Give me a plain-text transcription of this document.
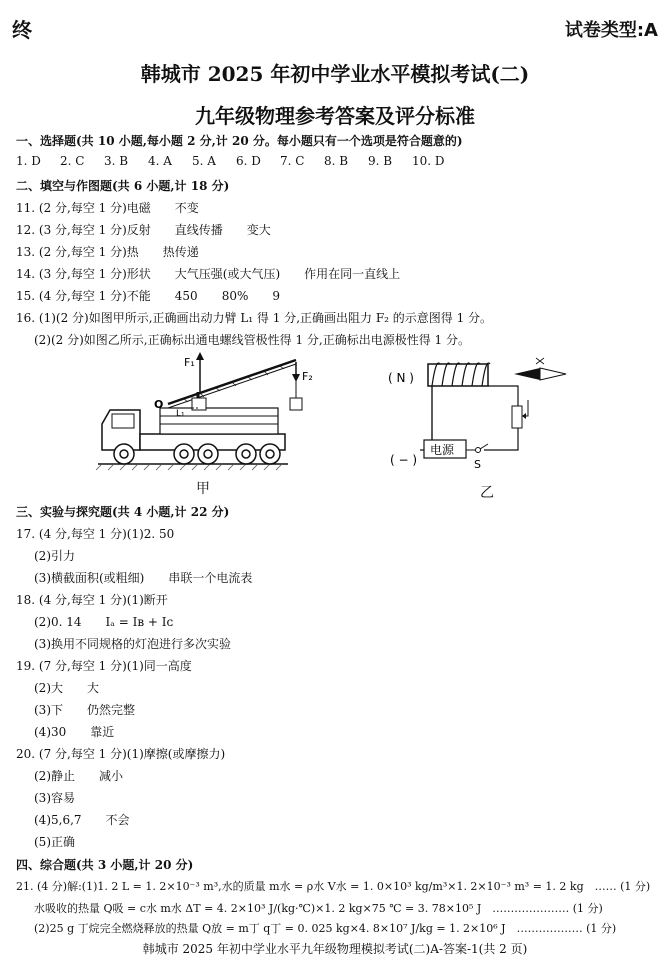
终	试卷类型:A
韩城市 2025 年初中学业水平模拟考试(二)
九年级物理参考答案及评分标准
一、选择题(共 10 小题,每小题 2 分,计 20 分。每小题只有一个选项是符合题意的)
1. D 2. C 3. B 4. A 5. A 6. D 7. C 8. B 9. B 10. D
二、填空与作图题(共 6 小题,计 18 分)
11. (2 分,每空 1 分)电磁　　不变
12. (3 分,每空 1 分)反射　　直线传播　　变大
13. (2 分,每空 1 分)热　　热传递
14. (3 分,每空 1 分)形状　　大气压强(或大气压)　　作用在同一直线上
15. (4 分,每空 1 分)不能　　450　　80%　　9
16. (1)(2 分)如图甲所示,正确画出动力臂 L₁ 得 1 分,正确画出阻力 F₂ 的示意图得 1 分。
(2)(2 分)如图乙所示,正确标出通电螺线管极性得 1 分,正确标出电源极性得 1 分。
F₁
F₂
O
L₁
电源
S
( N )
( − )
甲	乙
三、实验与探究题(共 4 小题,计 22 分)
17. (4 分,每空 1 分)(1)2. 50
(2)引力
(3)横截面积(或粗细)　　串联一个电流表
18. (4 分,每空 1 分)(1)断开
(2)0. 14　　Iₐ = Iʙ + Iᴄ
(3)换用不同规格的灯泡进行多次实验
19. (7 分,每空 1 分)(1)同一高度
(2)大　　大
(3)下　　仍然完整
(4)30　　靠近
20. (7 分,每空 1 分)(1)摩擦(或摩擦力)
(2)静止　　减小
(3)容易
(4)5,6,7　　不会
(5)正确
四、综合题(共 3 小题,计 20 分)
21. (4 分)解:(1)1. 2 L = 1. 2×10⁻³ m³,水的质量 m水 = ρ水 V水 = 1. 0×10³ kg/m³×1. 2×10⁻³ m³ = 1. 2 kg　…… (1 分)
水吸收的热量 Q吸 = c水 m水 ΔT = 4. 2×10³ J/(kg·℃)×1. 2 kg×75 ℃ = 3. 78×10⁵ J　………………… (1 分)
(2)25 g 丁烷完全燃烧释放的热量 Q放 = m丁 q丁 = 0. 025 kg×4. 8×10⁷ J/kg = 1. 2×10⁶ J　……………… (1 分)
韩城市 2025 年初中学业水平九年级物理模拟考试(二)A-答案-1(共 2 页)
